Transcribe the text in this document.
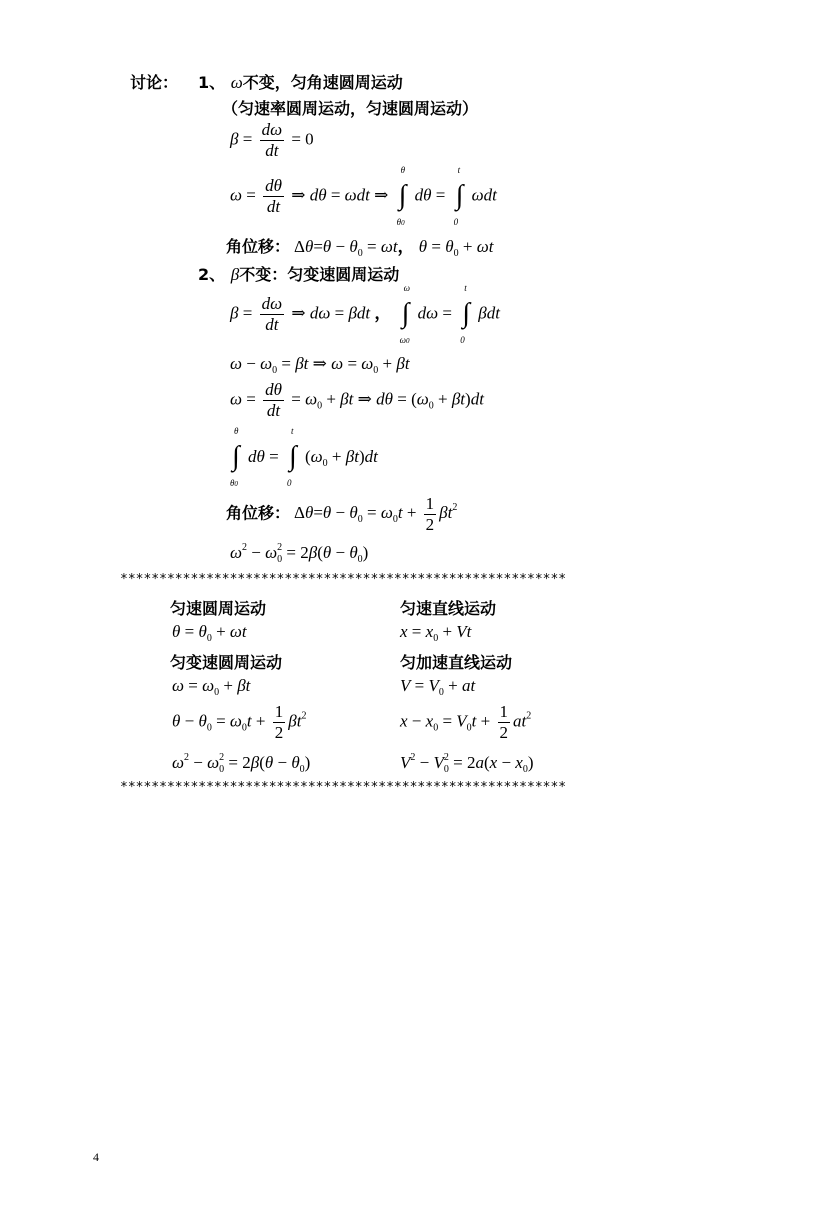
讨论： 1、 ω不变，匀角速圆周运动
（匀速率圆周运动，匀速圆周运动）
$\beta = \frac{d\omega}{dt} = 0$
$\omega = \frac{d\theta}{dt}$ ⇒ dθ = ωdt ⇒
θ
∫
θ0
dθ =
t
∫
0
ωdt
角位移： $\Delta\theta=\theta - \theta_0 = \omega t$， $\theta = \theta_0 + \omega t$
2、 β不变：匀变速圆周运动
$\beta = \frac{d\omega}{dt}$ ⇒ dω = βdt ，
ω
∫
ω0
dω =
t
∫
0
βdt
$\omega - \omega_0 = \beta t$ ⇒ $\omega = \omega_0 + \beta t$
$\omega = \frac{d\theta}{dt} = \omega_0 + \beta t$ ⇒ $d\theta = (\omega_0 + \beta t)dt$
θ
∫
θ0
dθ =
t
∫
0
$(\omega_0 + \beta t)dt$
角位移： $\Delta\theta=\theta - \theta_0 = \omega_0t + \frac{1}{2} \beta t^2$
$\omega^2 - \omega_0^2 = 2\beta(\theta - \theta_0)$
*********************************************************
匀速圆周运动	匀速直线运动
$\theta = \theta_0 + \omega t$	$x = x_0 + Vt$
匀变速圆周运动	匀加速直线运动
$\omega = \omega_0 + \beta t$	$V = V_0$ + at
$\theta - \theta_0 = \omega_0t + \frac{1}{2} \beta t^2$	$x - x_0 = V_0t + \frac{1}{2} at^2$
$\omega^2 - \omega_0^2 = 2\beta(\theta - \theta_0)$	$V^2 - V_0^2 = 2a(x - x_0)$
*********************************************************
4
